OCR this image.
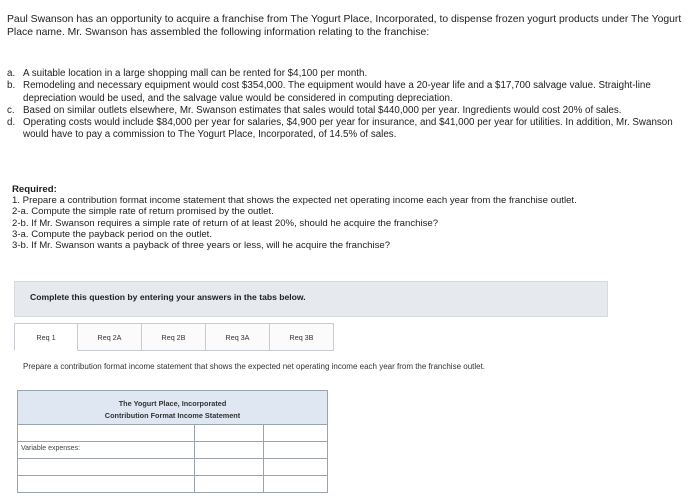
Paul Swanson has an opportunity to acquire a franchise from The Yogurt Place, Incorporated, to dispense frozen yogurt products under The Yogurt Place name. Mr. Swanson has assembled the following information relating to the franchise:
a. A suitable location in a large shopping mall can be rented for $4,100 per month.
b. Remodeling and necessary equipment would cost $354,000. The equipment would have a 20-year life and a $17,700 salvage value. Straight-line depreciation would be used, and the salvage value would be considered in computing depreciation.
c. Based on similar outlets elsewhere, Mr. Swanson estimates that sales would total $440,000 per year. Ingredients would cost 20% of sales.
d. Operating costs would include $84,000 per year for salaries, $4,900 per year for insurance, and $41,000 per year for utilities. In addition, Mr. Swanson would have to pay a commission to The Yogurt Place, Incorporated, of 14.5% of sales.
Required:
1. Prepare a contribution format income statement that shows the expected net operating income each year from the franchise outlet.
2-a. Compute the simple rate of return promised by the outlet.
2-b. If Mr. Swanson requires a simple rate of return of at least 20%, should he acquire the franchise?
3-a. Compute the payback period on the outlet.
3-b. If Mr. Swanson wants a payback of three years or less, will he acquire the franchise?
Complete this question by entering your answers in the tabs below.
Req 1	Req 2A	Req 2B	Req 3A	Req 3B
Prepare a contribution format income statement that shows the expected net operating income each year from the franchise outlet.
The Yogurt Place, Incorporated
Contribution Format Income Statement
Variable expenses:
